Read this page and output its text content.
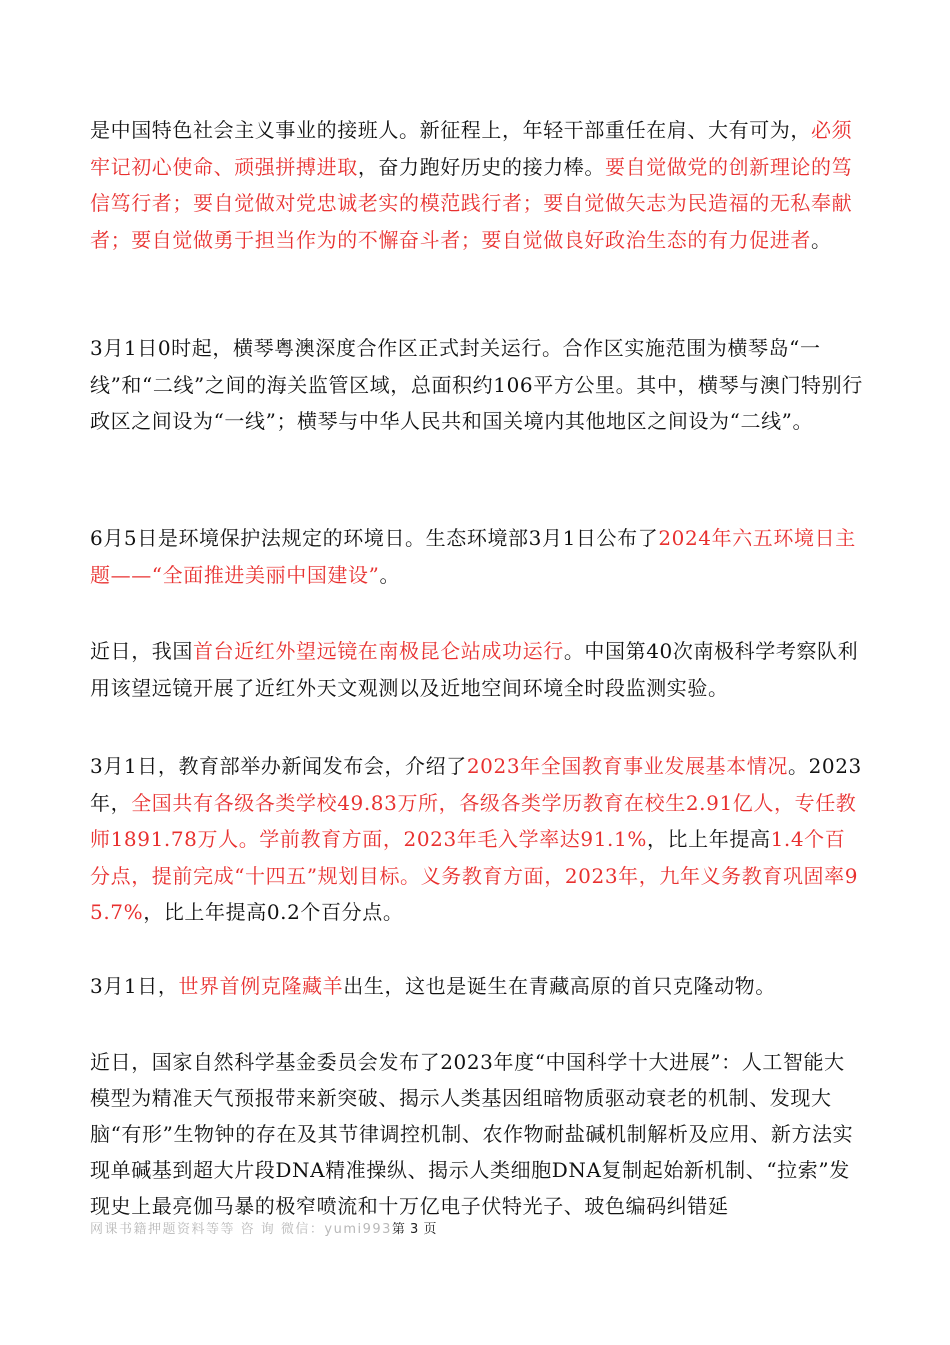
是中国特色社会主义事业的接班人。新征程上，年轻干部重任在肩、大有可为，必须牢记初心使命、顽强拼搏进取，奋力跑好历史的接力棒。要自觉做党的创新理论的笃信笃行者；要自觉做对党忠诚老实的模范践行者；要自觉做矢志为民造福的无私奉献者；要自觉做勇于担当作为的不懈奋斗者；要自觉做良好政治生态的有力促进者。

3月1日0时起，横琴粤澳深度合作区正式封关运行。合作区实施范围为横琴岛“一线”和“二线”之间的海关监管区域，总面积约106平方公里。其中，横琴与澳门特别行政区之间设为“一线”；横琴与中华人民共和国关境内其他地区之间设为“二线”。

6月5日是环境保护法规定的环境日。生态环境部3月1日公布了2024年六五环境日主题——“全面推进美丽中国建设”。

近日，我国首台近红外望远镜在南极昆仑站成功运行。中国第40次南极科学考察队利用该望远镜开展了近红外天文观测以及近地空间环境全时段监测实验。

3月1日，教育部举办新闻发布会，介绍了2023年全国教育事业发展基本情况。2023年，全国共有各级各类学校49.83万所，各级各类学历教育在校生2.91亿人，专任教师1891.78万人。学前教育方面，2023年毛入学率达91.1%，比上年提高1.4个百分点，提前完成“十四五”规划目标。义务教育方面，2023年，九年义务教育巩固率95.7%，比上年提高0.2个百分点。

3月1日，世界首例克隆藏羊出生，这也是诞生在青藏高原的首只克隆动物。

近日，国家自然科学基金委员会发布了2023年度“中国科学十大进展”：人工智能大模型为精准天气预报带来新突破、揭示人类基因组暗物质驱动衰老的机制、发现大脑“有形”生物钟的存在及其节律调控机制、农作物耐盐碱机制解析及应用、新方法实现单碱基到超大片段DNA精准操纵、揭示人类细胞DNA复制起始新机制、“拉索”发现史上最亮伽马暴的极窄喷流和十万亿电子伏特光子、玻色编码纠错延

网课书籍押题资料等等 咨 询 微信：yumi993第 3 页
